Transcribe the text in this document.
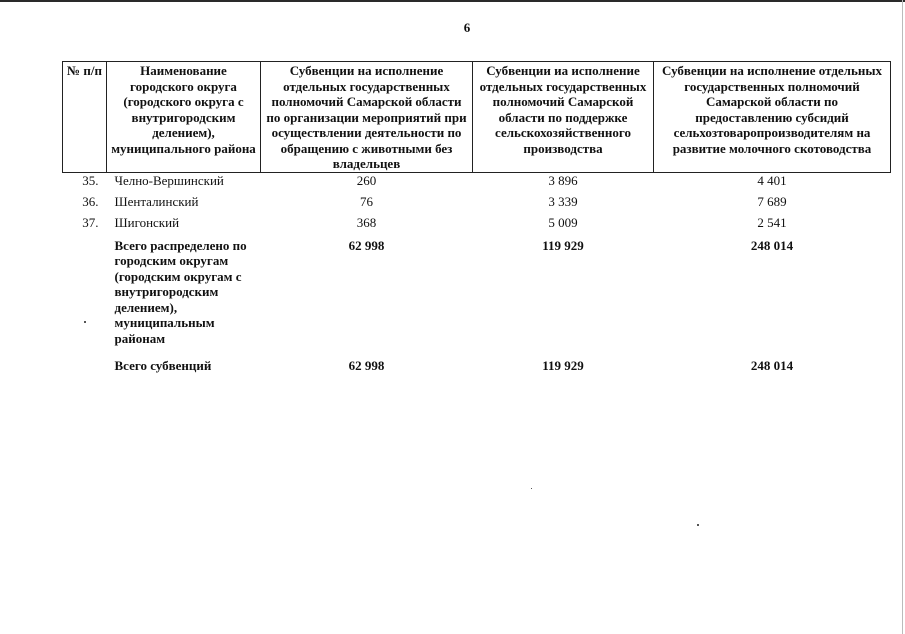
6
№ п/п	Наименование городского округа (городского округа с внутригородским делением), муниципального района	Субвенции на исполнение отдельных государственных полномочий Самарской области по организации мероприятий при осуществлении деятельности по обращению с животными без владельцев	Субвенции иа исполнение отдельных государственных полномочий Самарской области по поддержке сельскохозяйственного производства	Субвенции на исполнение отдельных государственных полномочий Самарской области по предоставлению субсидий сельхозтоваропроизводителям на развитие молочного скотоводства
35.	Челно-Вершинский	260	3 896	4 401
36.	Шенталинский	76	3 339	7 689
37.	Шигонский	368	5 009	2 541
	Всего распределено по городским округам (городским округам с внутригородским делением), муниципальным районам	62 998	119 929	248 014
	Всего субвенций	62 998	119 929	248 014
